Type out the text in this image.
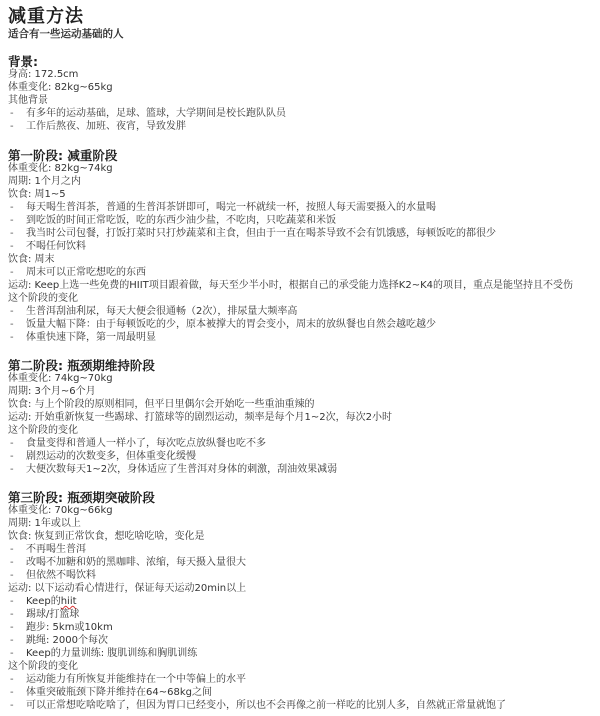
减重方法
适合有一些运动基础的人
背景:
身高: 172.5cm
体重变化: 82kg~65kg
其他背景
- 有多年的运动基础，足球、篮球，大学期间是校长跑队队员
- 工作后熬夜、加班、夜宵，导致发胖
第一阶段: 减重阶段
体重变化: 82kg~74kg
周期: 1个月之内
饮食: 周1~5
- 每天喝生普洱茶，普通的生普洱茶饼即可，喝完一杯就续一杯，按照人每天需要摄入的水量喝
- 到吃饭的时间正常吃饭，吃的东西少油少盐，不吃肉，只吃蔬菜和米饭
- 我当时公司包餐，打饭打菜时只打炒蔬菜和主食，但由于一直在喝茶导致不会有饥饿感，每顿饭吃的都很少
- 不喝任何饮料
饮食: 周末
- 周末可以正常吃想吃的东西
运动: Keep上选一些免费的HIIT项目跟着做，每天至少半小时，根据自己的承受能力选择K2~K4的项目，重点是能坚持且不受伤
这个阶段的变化
- 生普洱刮油利尿，每天大便会很通畅（2次），排尿量大频率高
- 饭量大幅下降：由于每顿饭吃的少，原本被撑大的胃会变小，周末的放纵餐也自然会越吃越少
- 体重快速下降，第一周最明显
第二阶段: 瓶颈期维持阶段
体重变化: 74kg~70kg
周期: 3个月~6个月
饮食: 与上个阶段的原则相同，但平日里偶尔会开始吃一些重油重辣的
运动: 开始重新恢复一些踢球、打篮球等的剧烈运动，频率是每个月1~2次，每次2小时
这个阶段的变化
- 食量变得和普通人一样小了，每次吃点放纵餐也吃不多
- 剧烈运动的次数变多，但体重变化缓慢
- 大便次数每天1~2次，身体适应了生普洱对身体的刺激，刮油效果减弱
第三阶段: 瓶颈期突破阶段
体重变化: 70kg~66kg
周期: 1年或以上
饮食: 恢复到正常饮食，想吃啥吃啥，变化是
- 不再喝生普洱
- 改喝不加糖和奶的黑咖啡、浓缩，每天摄入量很大
- 但依然不喝饮料
运动: 以下运动看心情进行，保证每天运动20min以上
- Keep的hiit
- 踢球/打篮球
- 跑步: 5km或10km
- 跳绳: 2000个每次
- Keep的力量训练: 腹肌训练和胸肌训练
这个阶段的变化
- 运动能力有所恢复并能维持在一个中等偏上的水平
- 体重突破瓶颈下降并维持在64~68kg之间
- 可以正常想吃啥吃啥了，但因为胃口已经变小，所以也不会再像之前一样吃的比别人多，自然就正常量就饱了
